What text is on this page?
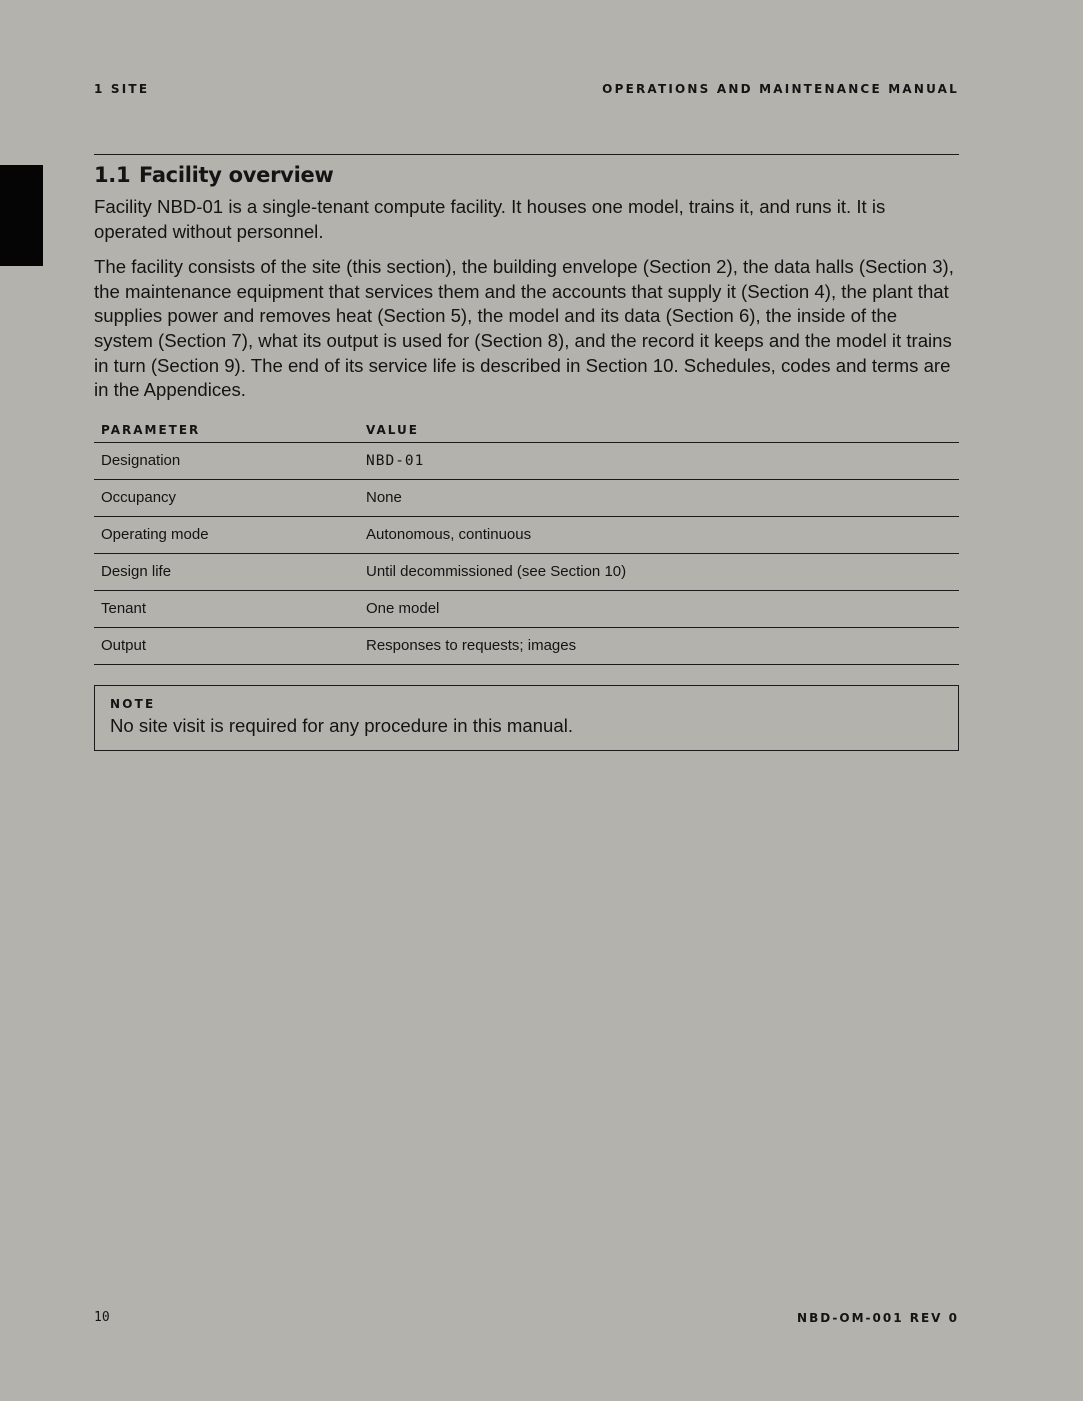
1 SITE	OPERATIONS AND MAINTENANCE MANUAL
1.1 Facility overview

Facility NBD-01 is a single-tenant compute facility. It houses one model, trains it, and runs it. It is operated without personnel.

The facility consists of the site (this section), the building envelope (Section 2), the data halls (Section 3), the maintenance equipment that services them and the accounts that supply it (Section 4), the plant that supplies power and removes heat (Section 5), the model and its data (Section 6), the inside of the system (Section 7), what its output is used for (Section 8), and the record it keeps and the model it trains in turn (Section 9). The end of its service life is described in Section 10. Schedules, codes and terms are in the Appendices.

PARAMETER	VALUE
Designation	NBD-01
Occupancy	None
Operating mode	Autonomous, continuous
Design life	Until decommissioned (see Section 10)
Tenant	One model
Output	Responses to requests; images
NOTE
No site visit is required for any procedure in this manual.
10	NBD-OM-001 REV 0
